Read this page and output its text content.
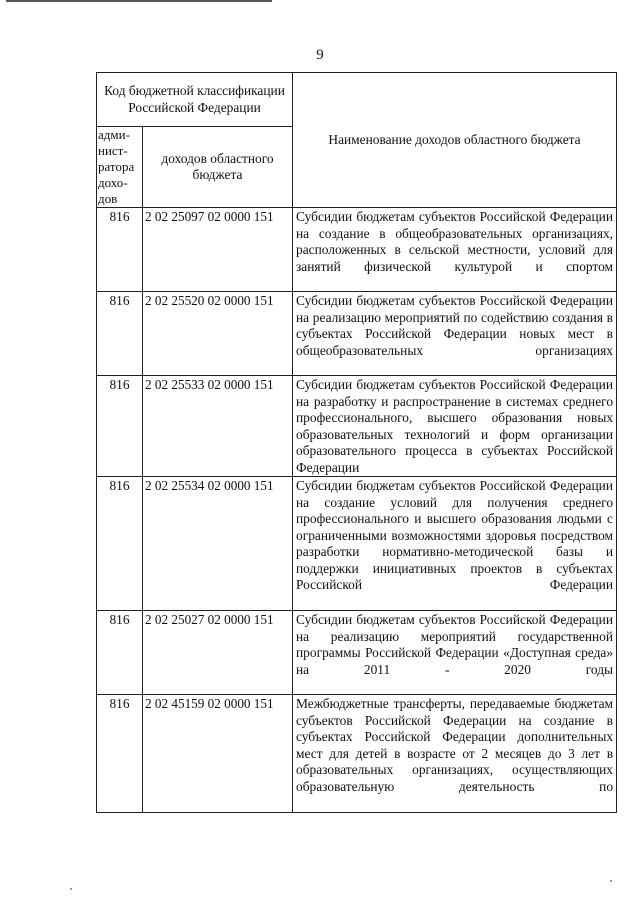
9
Код бюджетной классификации Российской Федерации		Наименование доходов областного бюджета
адми-нист-ратора дохо-дов	доходов областного бюджета	
816	2 02 25097 02 0000 151	Субсидии бюджетам субъектов Российской Федерации на создание в общеобразовательных организациях, расположенных в сельской местности, условий для занятий физической культурой и спортом
816	2 02 25520 02 0000 151	Субсидии бюджетам субъектов Российской Федерации на реализацию мероприятий по содействию создания в субъектах Российской Федерации новых мест в общеобразовательных организациях
816	2 02 25533 02 0000 151	Субсидии бюджетам субъектов Российской Федерации на разработку и распространение в системах среднего профессионального, высшего образования новых образовательных технологий и форм организации образовательного процесса в субъектах Российской Федерации
816	2 02 25534 02 0000 151	Субсидии бюджетам субъектов Российской Федерации на создание условий для получения среднего профессионального и высшего образования людьми с ограниченными возможностями здоровья посредством разработки нормативно-методической базы и поддержки инициативных проектов в субъектах Российской Федерации
816	2 02 25027 02 0000 151	Субсидии бюджетам субъектов Российской Федерации на реализацию мероприятий государственной программы Российской Федерации «Доступная среда» на 2011 - 2020 годы
816	2 02 45159 02 0000 151	Межбюджетные трансферты, передаваемые бюджетам субъектов Российской Федерации на создание в субъектах Российской Федерации дополнительных мест для детей в возрасте от 2 месяцев до 3 лет в образовательных организациях, осуществляющих образовательную деятельность по
